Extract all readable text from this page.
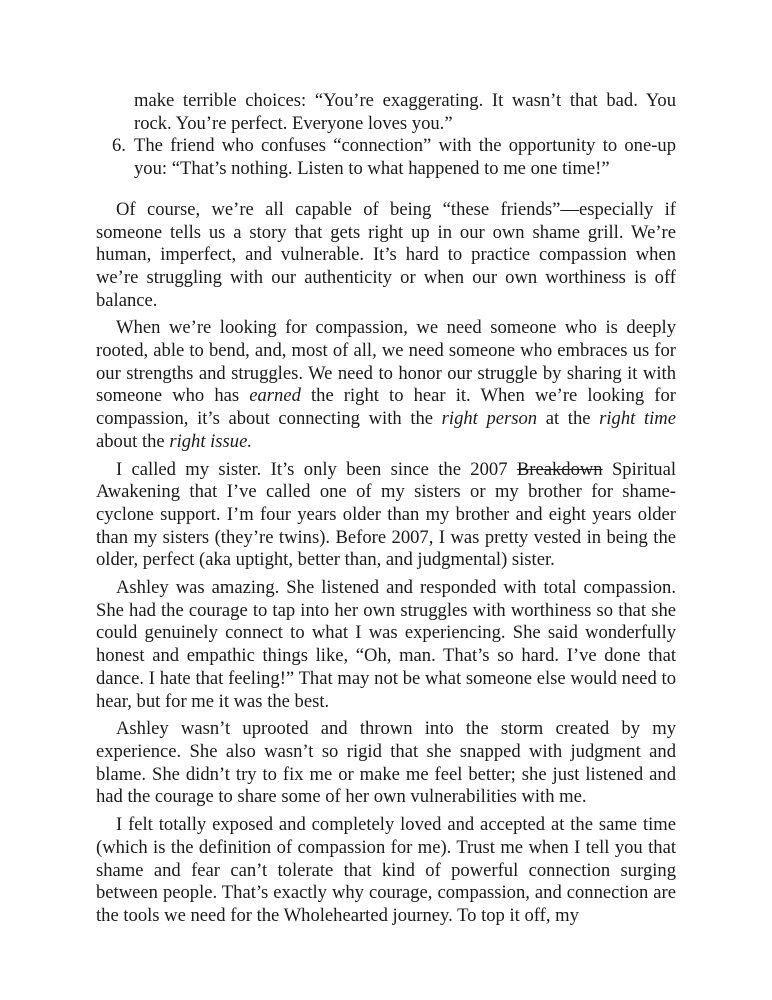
make terrible choices: “You’re exaggerating. It wasn’t that bad. You rock. You’re perfect. Everyone loves you.”
6. The friend who confuses “connection” with the opportunity to one-up you: “That’s nothing. Listen to what happened to me one time!”

Of course, we’re all capable of being “these friends”—especially if someone tells us a story that gets right up in our own shame grill. We’re human, imperfect, and vulnerable. It’s hard to practice compassion when we’re struggling with our authenticity or when our own worthiness is off balance.

When we’re looking for compassion, we need someone who is deeply rooted, able to bend, and, most of all, we need someone who embraces us for our strengths and struggles. We need to honor our struggle by sharing it with someone who has earned the right to hear it. When we’re looking for compassion, it’s about connecting with the right person at the right time about the right issue.

I called my sister. It’s only been since the 2007 Breakdown Spiritual Awakening that I’ve called one of my sisters or my brother for shame-cyclone support. I’m four years older than my brother and eight years older than my sisters (they’re twins). Before 2007, I was pretty vested in being the older, perfect (aka uptight, better than, and judgmental) sister.

Ashley was amazing. She listened and responded with total compassion. She had the courage to tap into her own struggles with worthiness so that she could genuinely connect to what I was experiencing. She said wonderfully honest and empathic things like, “Oh, man. That’s so hard. I’ve done that dance. I hate that feeling!” That may not be what someone else would need to hear, but for me it was the best.

Ashley wasn’t uprooted and thrown into the storm created by my experience. She also wasn’t so rigid that she snapped with judgment and blame. She didn’t try to fix me or make me feel better; she just listened and had the courage to share some of her own vulnerabilities with me.

I felt totally exposed and completely loved and accepted at the same time (which is the definition of compassion for me). Trust me when I tell you that shame and fear can’t tolerate that kind of powerful connection surging between people. That’s exactly why courage, compassion, and connection are the tools we need for the Wholehearted journey. To top it off, my
